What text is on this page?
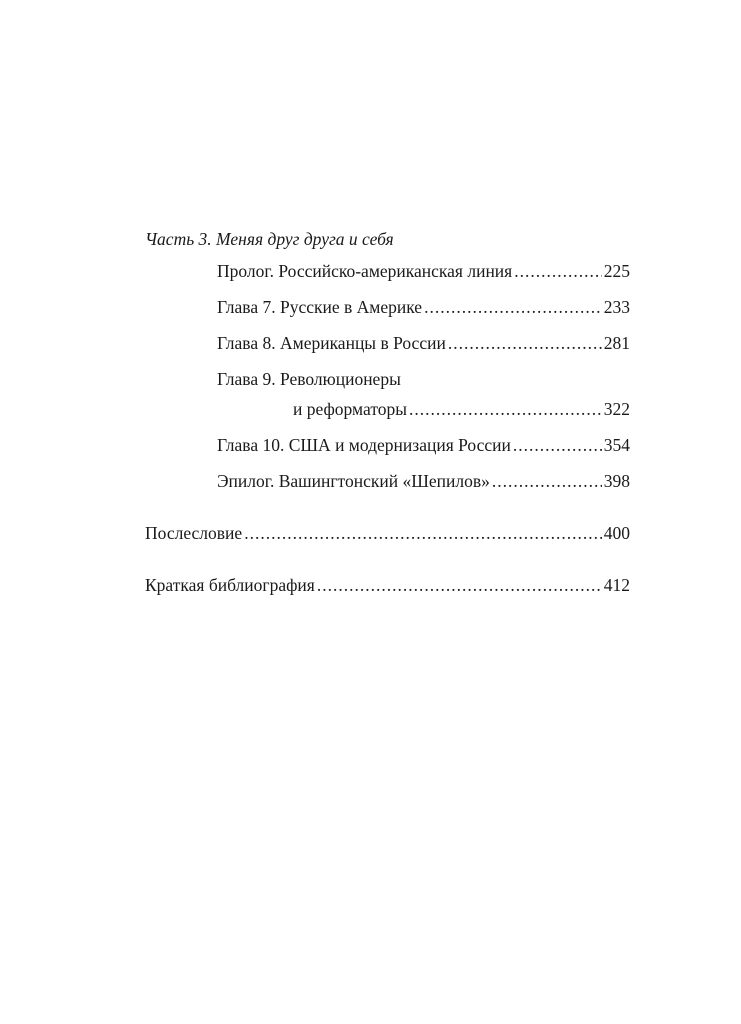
Часть 3. Меняя друг друга и себя
Пролог. Российско-американская линия .....	225
Глава 7. Русские в Америке .....	233
Глава 8. Американцы в России .....	281
Глава 9. Революционеры
и реформаторы .....	322
Глава 10. США и модернизация России .....	354
Эпилог. Вашингтонский «Шепилов» .....	398
Послесловие .....	400
Краткая библиография .....	412
